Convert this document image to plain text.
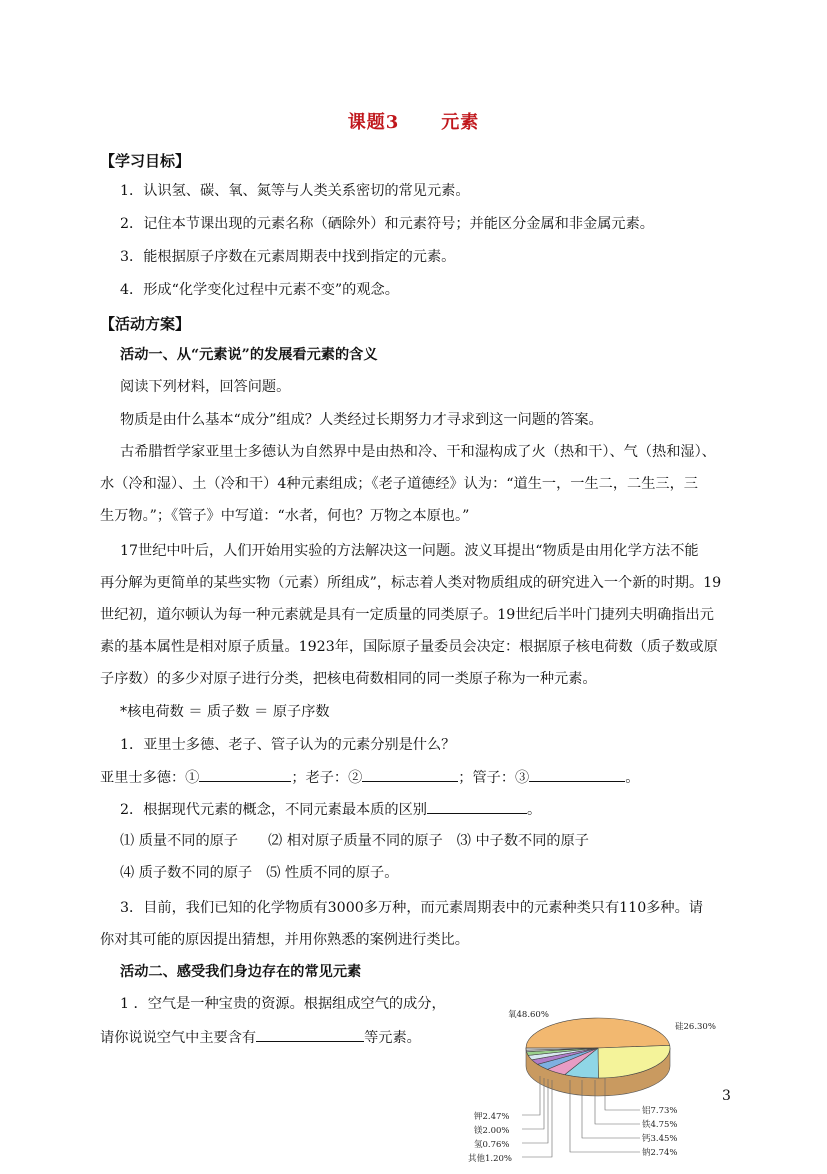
课题3 元素
【学习目标】
1．认识氢、碳、氧、氮等与人类关系密切的常见元素。
2．记住本节课出现的元素名称（硒除外）和元素符号；并能区分金属和非金属元素。
3．能根据原子序数在元素周期表中找到指定的元素。
4．形成“化学变化过程中元素不变”的观念。
【活动方案】
活动一、从“元素说”的发展看元素的含义
阅读下列材料，回答问题。
物质是由什么基本“成分”组成？人类经过长期努力才寻求到这一问题的答案。
古希腊哲学家亚里士多德认为自然界中是由热和冷、干和湿构成了火（热和干）、气（热和湿）、
水（冷和湿）、土（冷和干）4种元素组成；《老子道德经》认为：“道生一，一生二，二生三，三
生万物。”；《管子》中写道：“水者，何也？万物之本原也。”
17世纪中叶后，人们开始用实验的方法解决这一问题。波义耳提出“物质是由用化学方法不能
再分解为更简单的某些实物（元素）所组成”，标志着人类对物质组成的研究进入一个新的时期。19
世纪初，道尔顿认为每一种元素就是具有一定质量的同类原子。19世纪后半叶门捷列夫明确指出元
素的基本属性是相对原子质量。1923年，国际原子量委员会决定：根据原子核电荷数（质子数或原
子序数）的多少对原子进行分类，把核电荷数相同的同一类原子称为一种元素。
*核电荷数 ＝ 质子数 ＝ 原子序数
1．亚里士多德、老子、管子认为的元素分别是什么？
亚里士多德：①	；老子：②	；管子：③	。
2．根据现代元素的概念，不同元素最本质的区别	。
⑴ 质量不同的原子 ⑵ 相对原子质量不同的原子 ⑶ 中子数不同的原子
⑷ 质子数不同的原子 ⑸ 性质不同的原子。
3．目前，我们已知的化学物质有3000多万种，而元素周期表中的元素种类只有110多种。请
你对其可能的原因提出猜想，并用你熟悉的案例进行类比。
活动二、感受我们身边存在的常见元素
1 ．空气是一种宝贵的资源。根据组成空气的成分，
请你说说空气中主要含有	等元素。
3
氧48.60%
硅26.30%
铝7.73%
铁4.75%
钙3.45%
钠2.74%
钾2.47%
镁2.00%
氢0.76%
其他1.20%
